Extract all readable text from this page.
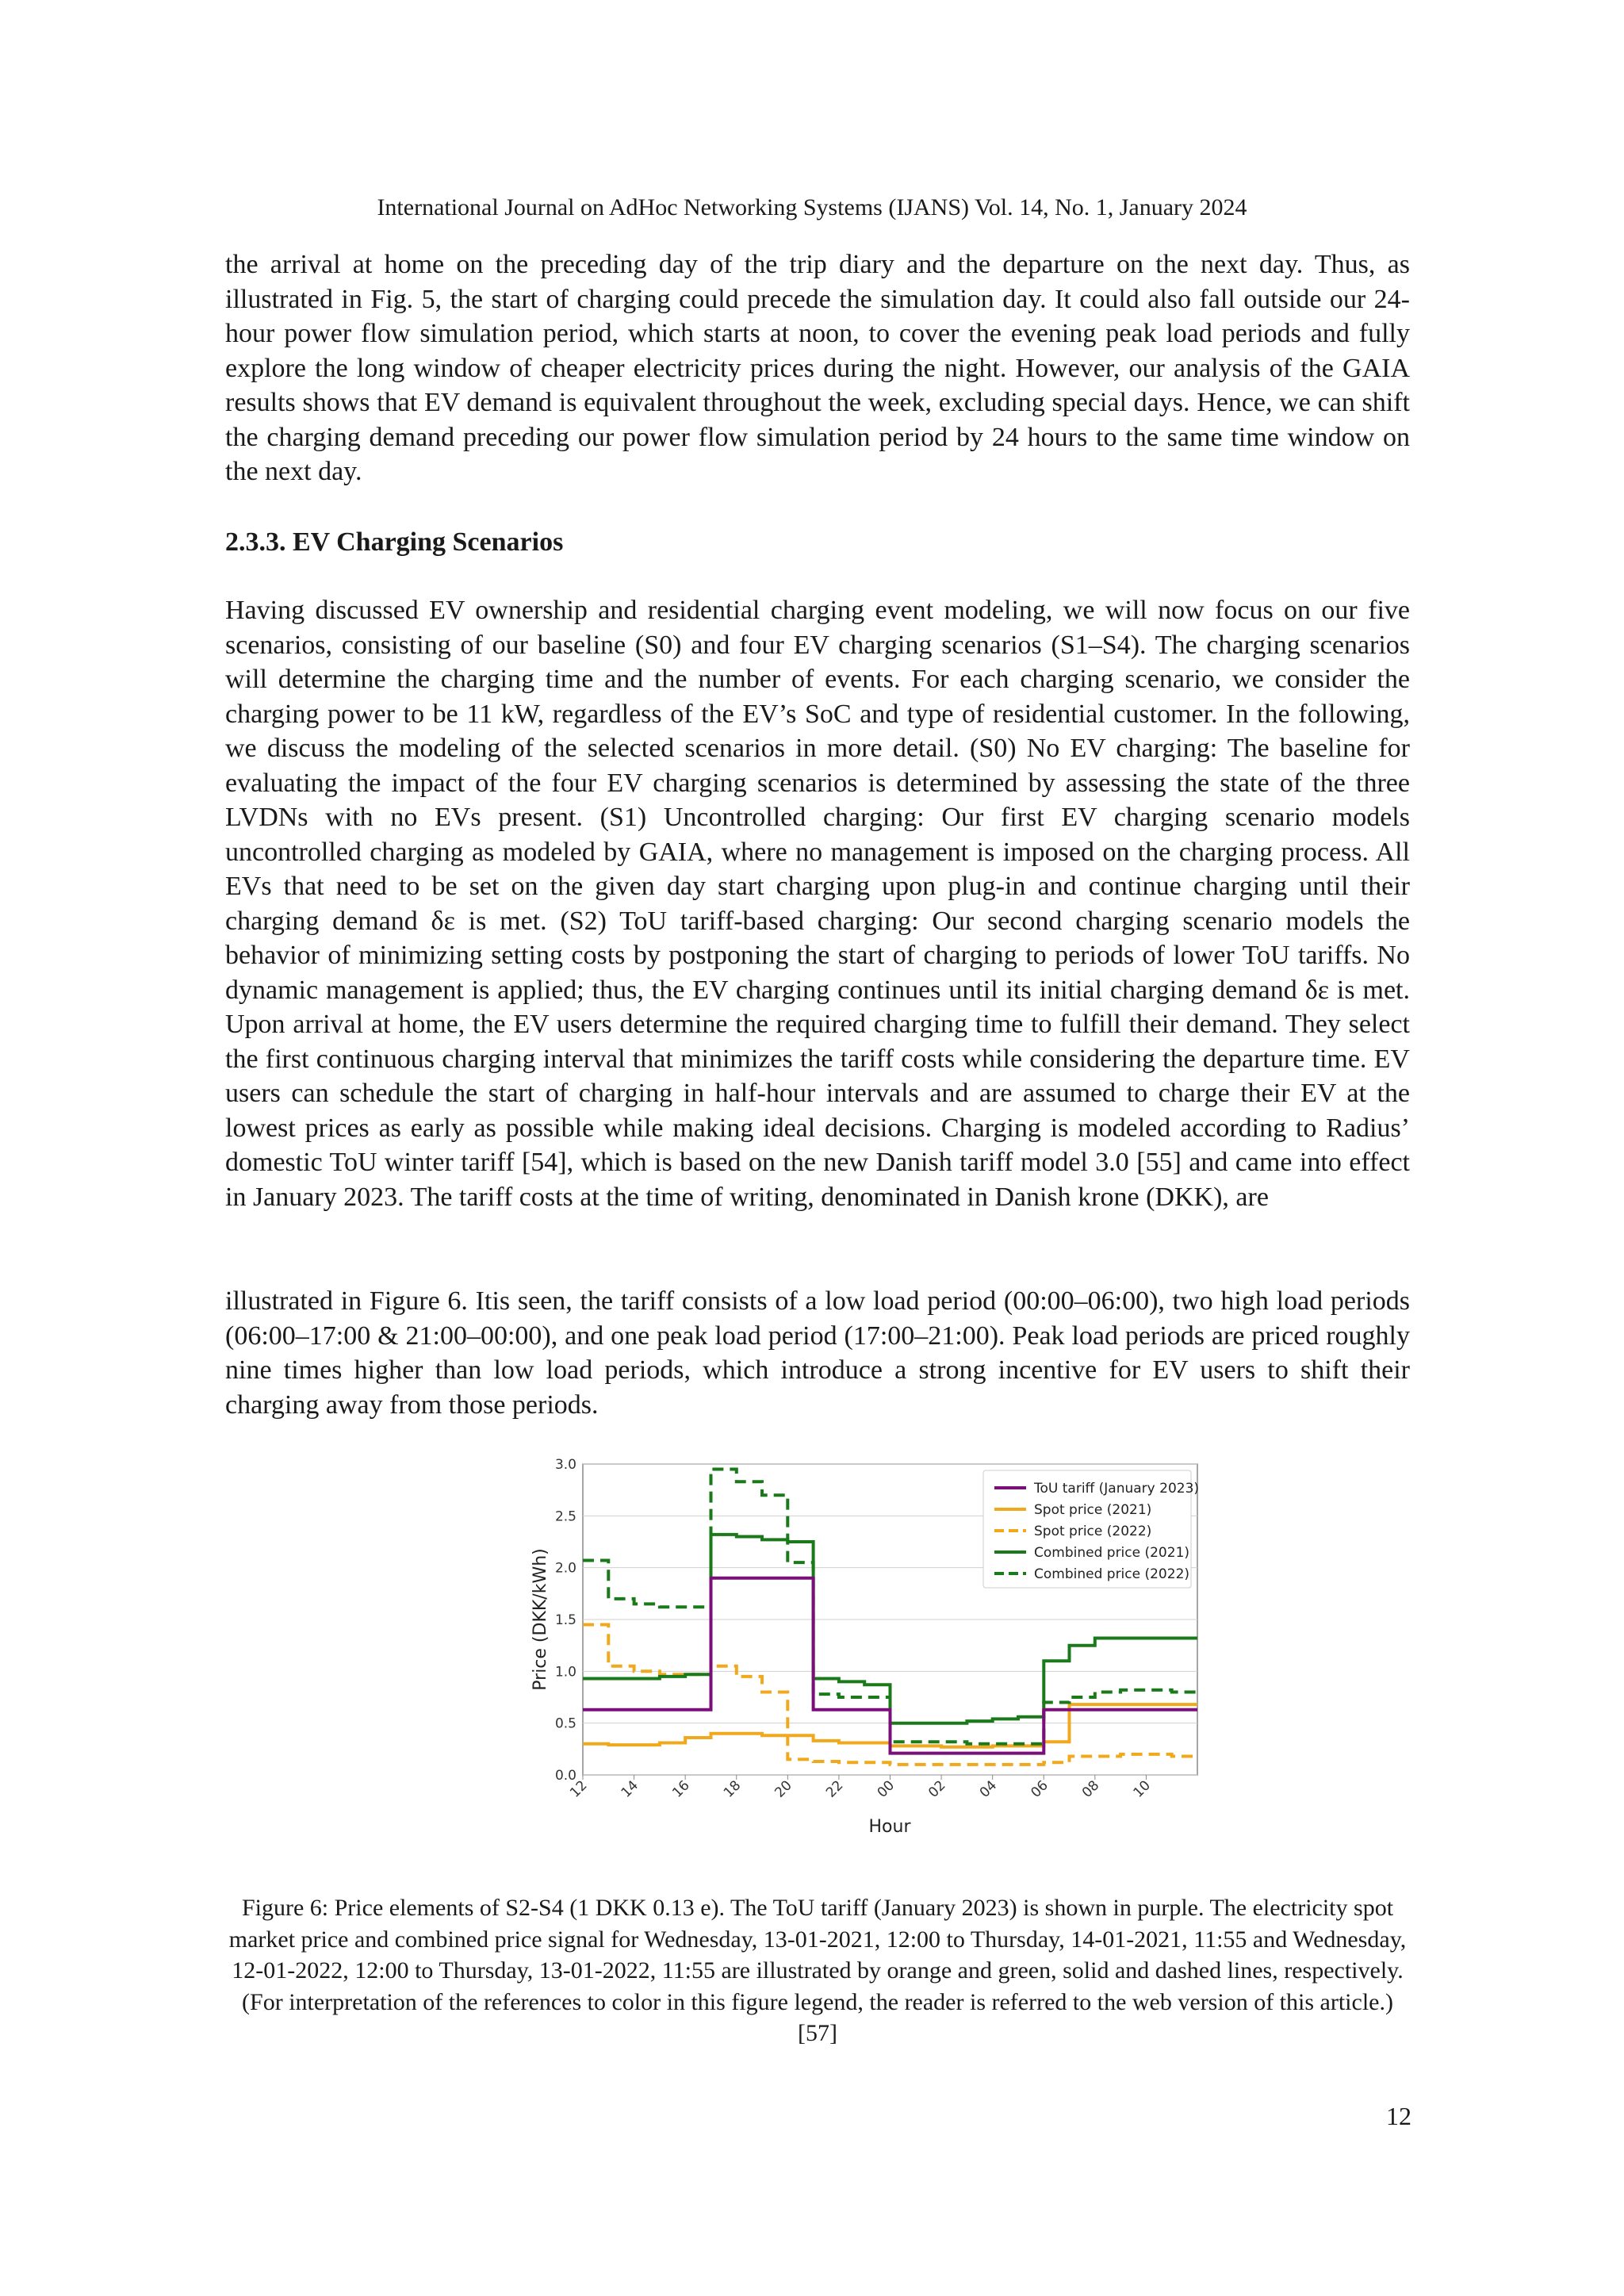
International Journal on AdHoc Networking Systems (IJANS) Vol. 14, No. 1, January 2024

the arrival at home on the preceding day of the trip diary and the departure on the next day. Thus, as illustrated in Fig. 5, the start of charging could precede the simulation day. It could also fall outside our 24-hour power flow simulation period, which starts at noon, to cover the evening peak load periods and fully explore the long window of cheaper electricity prices during the night. However, our analysis of the GAIA results shows that EV demand is equivalent throughout the week, excluding special days. Hence, we can shift the charging demand preceding our power flow simulation period by 24 hours to the same time window on the next day.

2.3.3. EV Charging Scenarios

Having discussed EV ownership and residential charging event modeling, we will now focus on our five scenarios, consisting of our baseline (S0) and four EV charging scenarios (S1–S4). The charging scenarios will determine the charging time and the number of events. For each charging scenario, we consider the charging power to be 11 kW, regardless of the EV’s SoC and type of residential customer. In the following, we discuss the modeling of the selected scenarios in more detail. (S0) No EV charging: The baseline for evaluating the impact of the four EV charging scenarios is determined by assessing the state of the three LVDNs with no EVs present. (S1) Uncontrolled charging: Our first EV charging scenario models uncontrolled charging as modeled by GAIA, where no management is imposed on the charging process. All EVs that need to be set on the given day start charging upon plug-in and continue charging until their charging demand δε is met. (S2) ToU tariff-based charging: Our second charging scenario models the behavior of minimizing setting costs by postponing the start of charging to periods of lower ToU tariffs. No dynamic management is applied; thus, the EV charging continues until its initial charging demand δε is met. Upon arrival at home, the EV users determine the required charging time to fulfill their demand. They select the first continuous charging interval that minimizes the tariff costs while considering the departure time. EV users can schedule the start of charging in half-hour intervals and are assumed to charge their EV at the lowest prices as early as possible while making ideal decisions. Charging is modeled according to Radius’ domestic ToU winter tariff [54], which is based on the new Danish tariff model 3.0 [55] and came into effect in January 2023. The tariff costs at the time of writing, denominated in Danish krone (DKK), are

illustrated in Figure 6. Itis seen, the tariff consists of a low load period (00:00–06:00), two high load periods (06:00–17:00 & 21:00–00:00), and one peak load period (17:00–21:00). Peak load periods are priced roughly nine times higher than low load periods, which introduce a strong incentive for EV users to shift their charging away from those periods.

0.0
0.5
1.0
1.5
2.0
2.5
3.0
12 14 16 18 20 22 00 02 04 06 08 10
Price (DKK/kWh)
Hour
ToU tariff (January 2023)
Spot price (2021)
Spot price (2022)
Combined price (2021)
Combined price (2022)

Figure 6: Price elements of S2-S4 (1 DKK 0.13 e). The ToU tariff (January 2023) is shown in purple. The electricity spot market price and combined price signal for Wednesday, 13-01-2021, 12:00 to Thursday, 14-01-2021, 11:55 and Wednesday, 12-01-2022, 12:00 to Thursday, 13-01-2022, 11:55 are illustrated by orange and green, solid and dashed lines, respectively. (For interpretation of the references to color in this figure legend, the reader is referred to the web version of this article.) [57]

12
